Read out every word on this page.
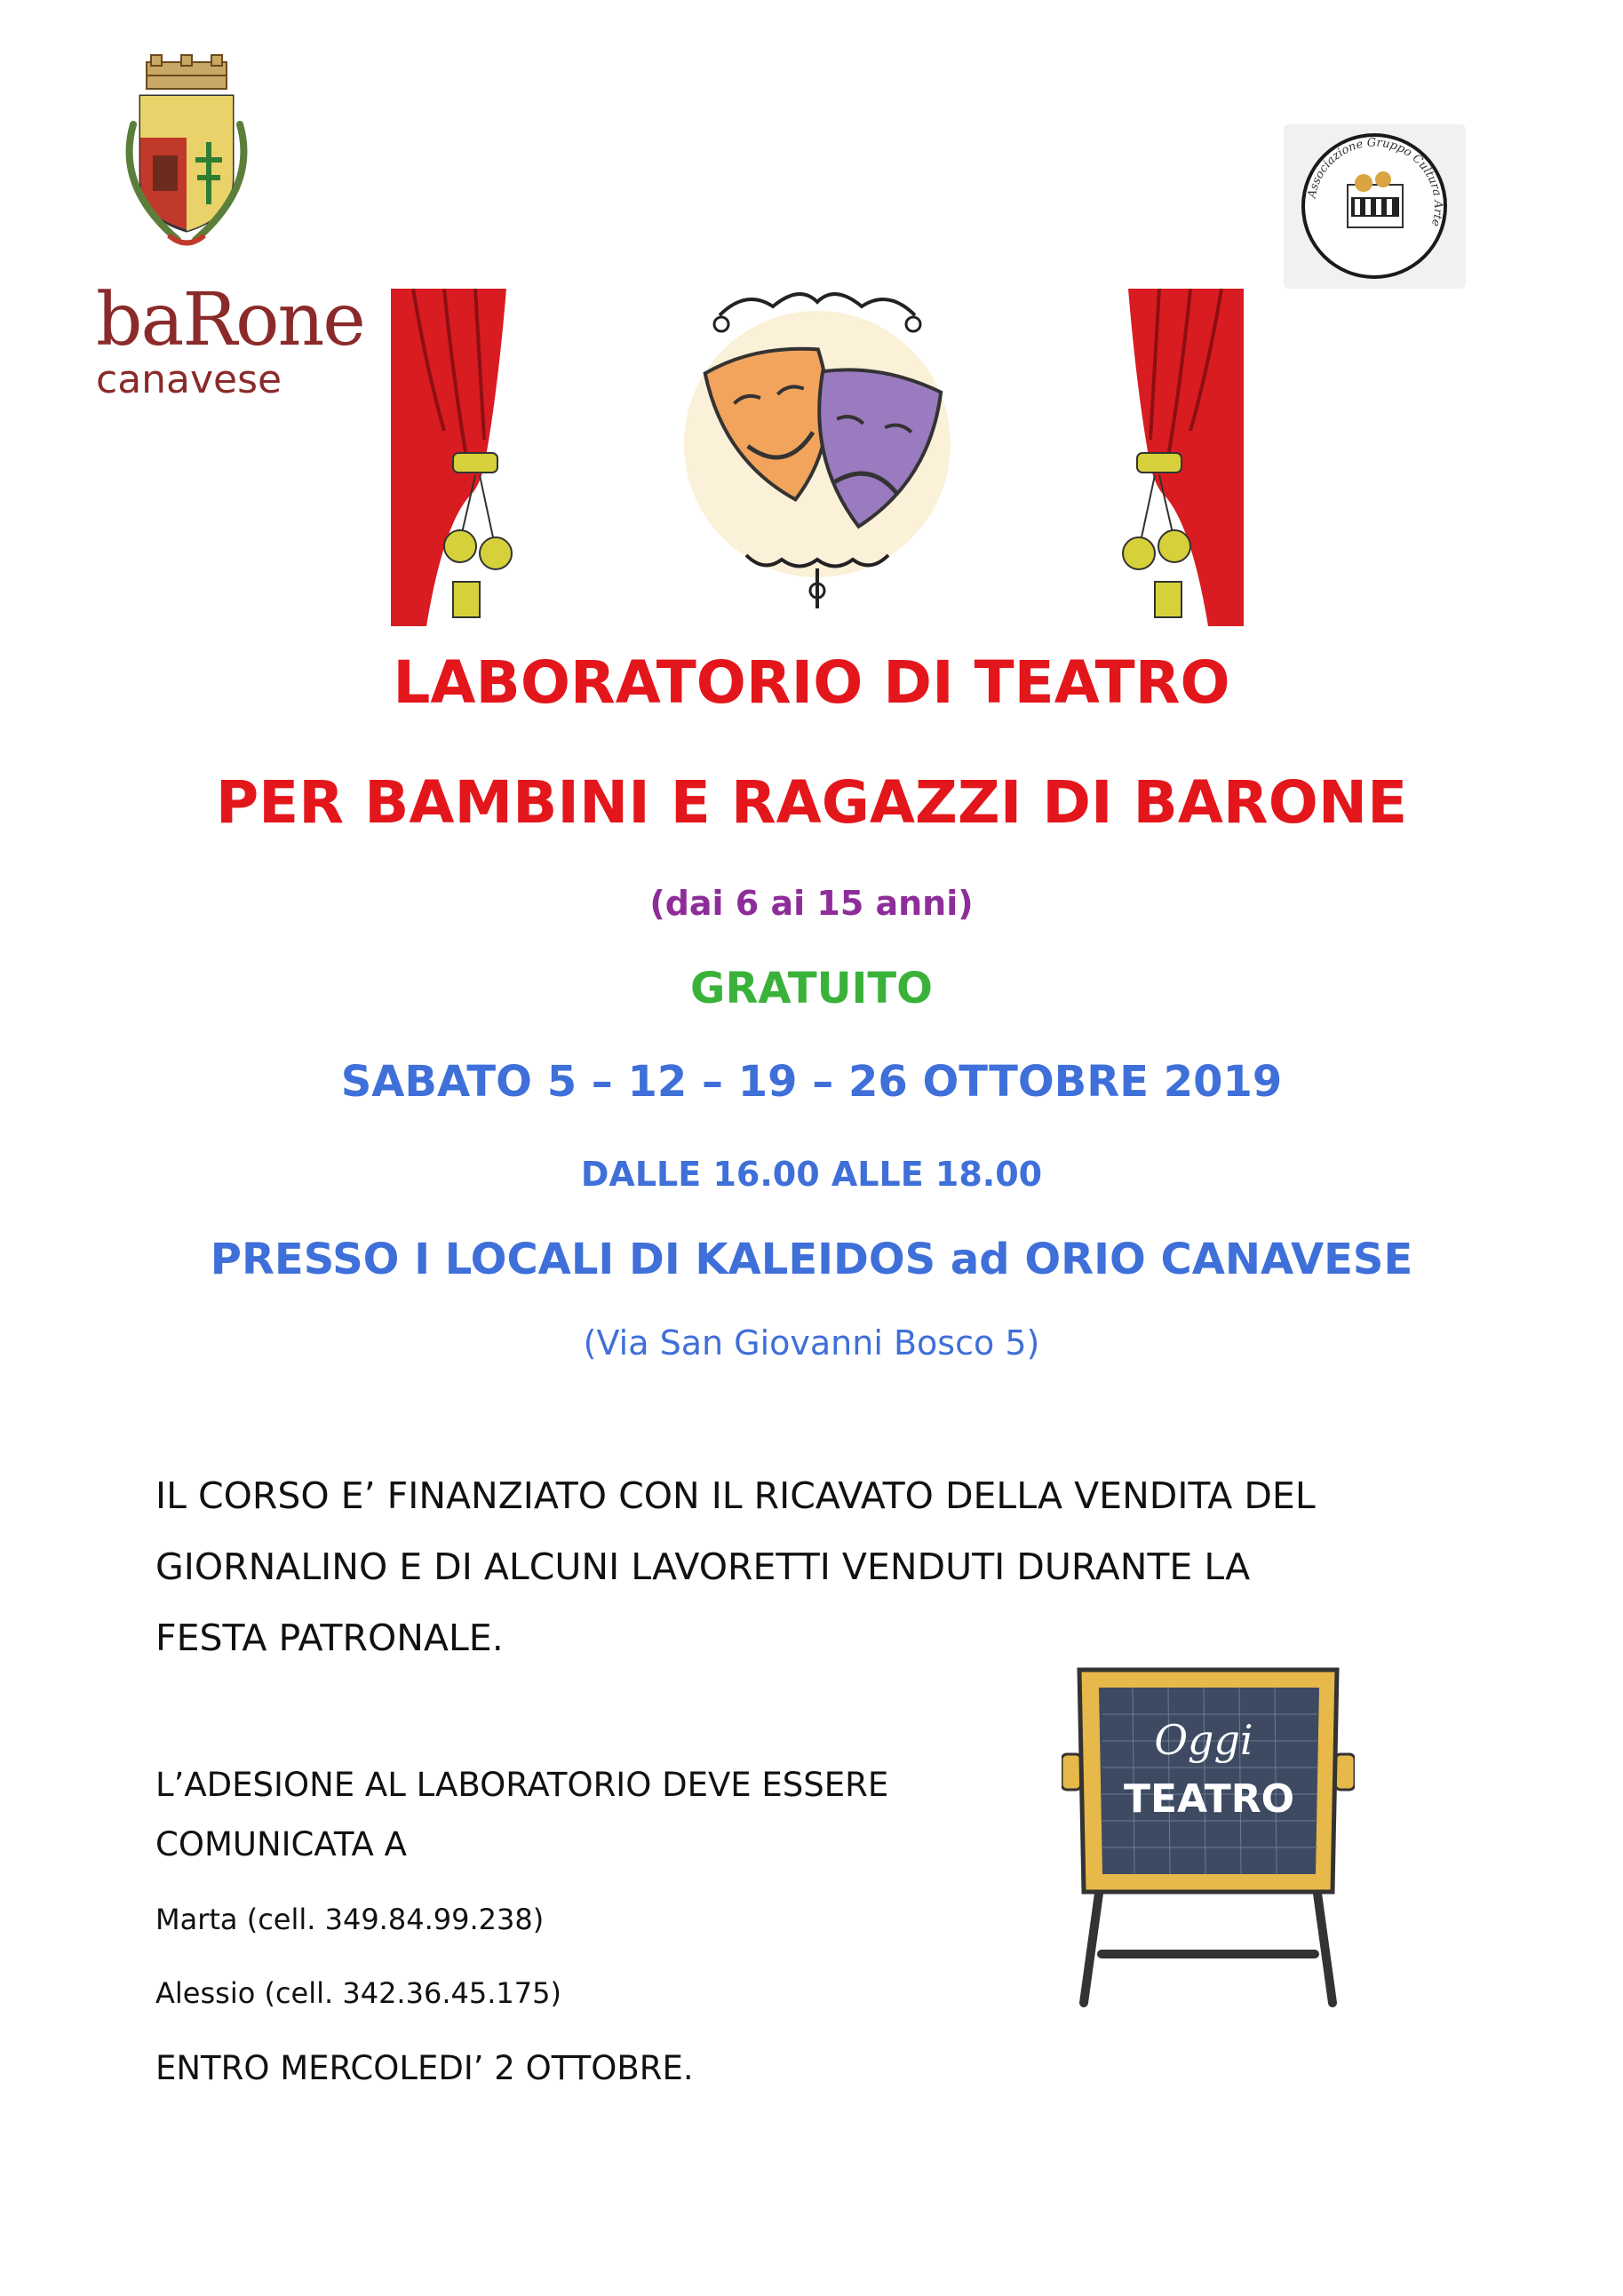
baRone
canavese
Associazione Gruppo Cultura Arte
LABORATORIO DI TEATRO
PER BAMBINI E RAGAZZI DI BARONE
(dai 6 ai 15 anni)
GRATUITO
SABATO 5 – 12 – 19 – 26 OTTOBRE 2019
DALLE 16.00 ALLE 18.00
PRESSO I LOCALI DI KALEIDOS ad ORIO CANAVESE
(Via San Giovanni Bosco 5)
IL CORSO E’ FINANZIATO CON IL RICAVATO DELLA VENDITA DEL
GIORNALINO E DI ALCUNI LAVORETTI VENDUTI DURANTE LA
FESTA PATRONALE.
L’ADESIONE AL LABORATORIO DEVE ESSERE
COMUNICATA A
Marta (cell. 349.84.99.238)
Alessio (cell. 342.36.45.175)
ENTRO MERCOLEDI’ 2 OTTOBRE.
Oggi
TEATRO
